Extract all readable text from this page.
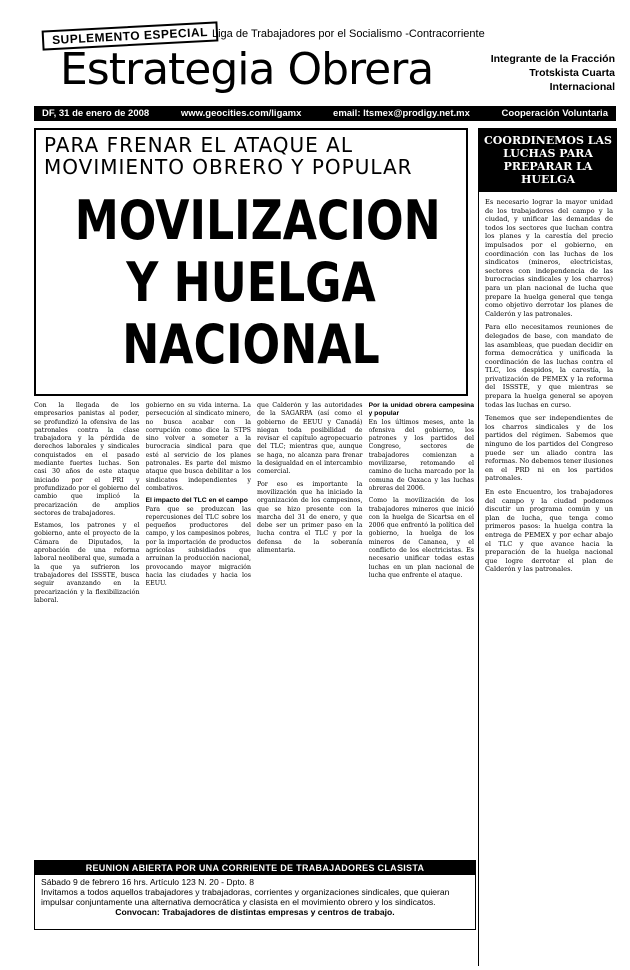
SUPLEMENTO ESPECIAL Liga de Trabajadores por el Socialismo -Contracorriente
Estrategia Obrera	Integrante de la Fracción
Trotskista Cuarta
Internacional
DF, 31 de enero de 2008	www.geocities.com/ligamx	email: ltsmex@prodigy.net.mx	Cooperación Voluntaria
PARA FRENAR EL ATAQUE AL
MOVIMIENTO OBRERO Y POPULAR
MOVILIZACION
Y HUELGA
NACIONAL
COORDINEMOS LAS LUCHAS PARA PREPARAR LA HUELGA

Es necesario lograr la mayor unidad de los trabajadores del campo y la ciudad, y unificar las demandas de todos los sectores que luchan contra los planes y la carestía del precio impulsados por el gobierno, en coordinación con las luchas de los sindicatos (mineros, electricistas, sectores con independencia de las burocracias sindicales y los charros) para un plan nacional de lucha que prepare la huelga general que tenga como objetivo derrotar los planes de Calderón y las patronales.

Para ello necesitamos reuniones de delegados de base, con mandato de las asambleas, que puedan decidir en forma democrática y unificada la coordinación de las luchas contra el TLC, los despidos, la carestía, la privatización de PEMEX y la reforma del ISSSTE, y que mientras se prepara la huelga general se apoyen todas las luchas en curso.

Tenemos que ser independientes de los charros sindicales y de los partidos del régimen. Sabemos que ninguno de los partidos del Congreso puede ser un aliado contra las reformas. No debemos tener ilusiones en el PRD ni en los partidos patronales.

En este Encuentro, los trabajadores del campo y la ciudad podemos discutir un programa común y un plan de lucha, que tenga como primeros pasos: la huelga contra la entrega de PEMEX y por echar abajo el TLC y que avance hacia la preparación de la huelga nacional que logre derrotar el plan de Calderón y las patronales.

Con la llegada de los empresarios panistas al poder, se profundizó la ofensiva de las patronales contra la clase trabajadora y la pérdida de derechos laborales y sindicales conquistados en el pasado mediante fuertes luchas. Son casi 30 años de este ataque iniciado por el PRI y profundizado por el gobierno del cambio que implicó la precarización de amplios sectores de trabajadores.

Estamos, los patrones y el gobierno, ante el proyecto de la Cámara de Diputados, la aprobación de una reforma laboral neoliberal que, sumada a la que ya sufrieron los trabajadores del ISSSTE, busca seguir avanzando en la precarización y la flexibilización laboral.

gobierno en su vida interna. La persecución al sindicato minero, no busca acabar con la corrupción como dice la STPS sino volver a someter a la burocracia sindical para que esté al servicio de los planes patronales. Es parte del mismo ataque que busca debilitar a los sindicatos independientes y combativos.

El impacto del TLC en el campo

Para que se produzcan las repercusiones del TLC sobre los pequeños productores del campo, y los campesinos pobres, por la importación de productos agrícolas subsidiados que arruinan la producción nacional, provocando mayor migración hacia las ciudades y hacia los EEUU.

que Calderón y las autoridades de la SAGARPA (así como el gobierno de EEUU y Canadá) niegan toda posibilidad de revisar el capítulo agropecuario del TLC; mientras que, aunque se haga, no alcanza para frenar la desigualdad en el intercambio comercial.

Por eso es importante la movilización que ha iniciado la organización de los campesinos, que se hizo presente con la marcha del 31 de enero, y que debe ser un primer paso en la lucha contra el TLC y por la defensa de la soberanía alimentaria.

Por la unidad obrera campesina y popular

En los últimos meses, ante la ofensiva del gobierno, los patrones y los partidos del Congreso, sectores de trabajadores comienzan a movilizarse, retomando el camino de lucha marcado por la comuna de Oaxaca y las luchas obreras del 2006.

Como la movilización de los trabajadores mineros que inició con la huelga de Sicartsa en el 2006 que enfrentó la política del gobierno, la huelga de los mineros de Cananea, y el conflicto de los electricistas. Es necesario unificar todas estas luchas en un plan nacional de lucha que enfrente el ataque.

REUNION ABIERTA POR UNA CORRIENTE DE TRABAJADORES CLASISTA
Sábado 9 de febrero 16 hrs. Artículo 123 N. 20 - Dpto. 8
Invitamos a todos aquellos trabajadores y trabajadoras, corrientes y organizaciones sindicales, que quieran impulsar conjuntamente una alternativa democrática y clasista en el movimiento obrero y los sindicatos.
Convocan: Trabajadores de distintas empresas y centros de trabajo.
